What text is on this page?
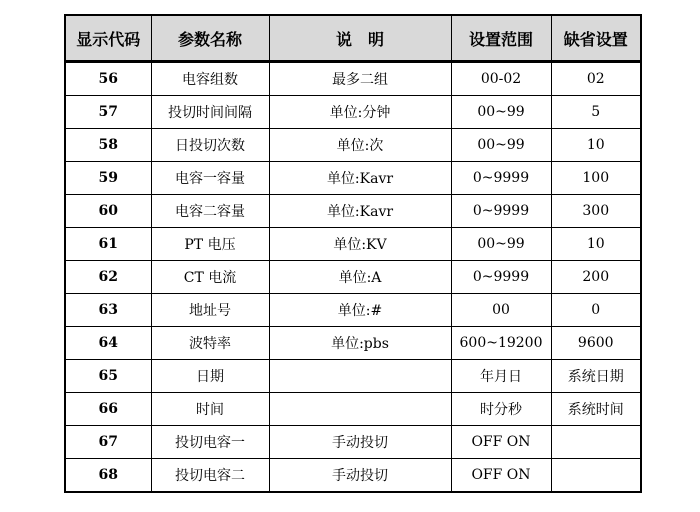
显示代码	参数名称	说　明	设置范围	缺省设置
56	电容组数	最多二组	00-02	02
57	投切时间间隔	单位:分钟	00~99	5
58	日投切次数	单位:次	00~99	10
59	电容一容量	单位:Kavr	0~9999	100
60	电容二容量	单位:Kavr	0~9999	300
61	PT 电压	单位:KV	00~99	10
62	CT 电流	单位:A	0~9999	200
63	地址号	单位:#	00	0
64	波特率	单位:pbs	600~19200	9600
65	日期		年月日	系统日期
66	时间		时分秒	系统时间
67	投切电容一	手动投切	OFF ON	
68	投切电容二	手动投切	OFF ON	
